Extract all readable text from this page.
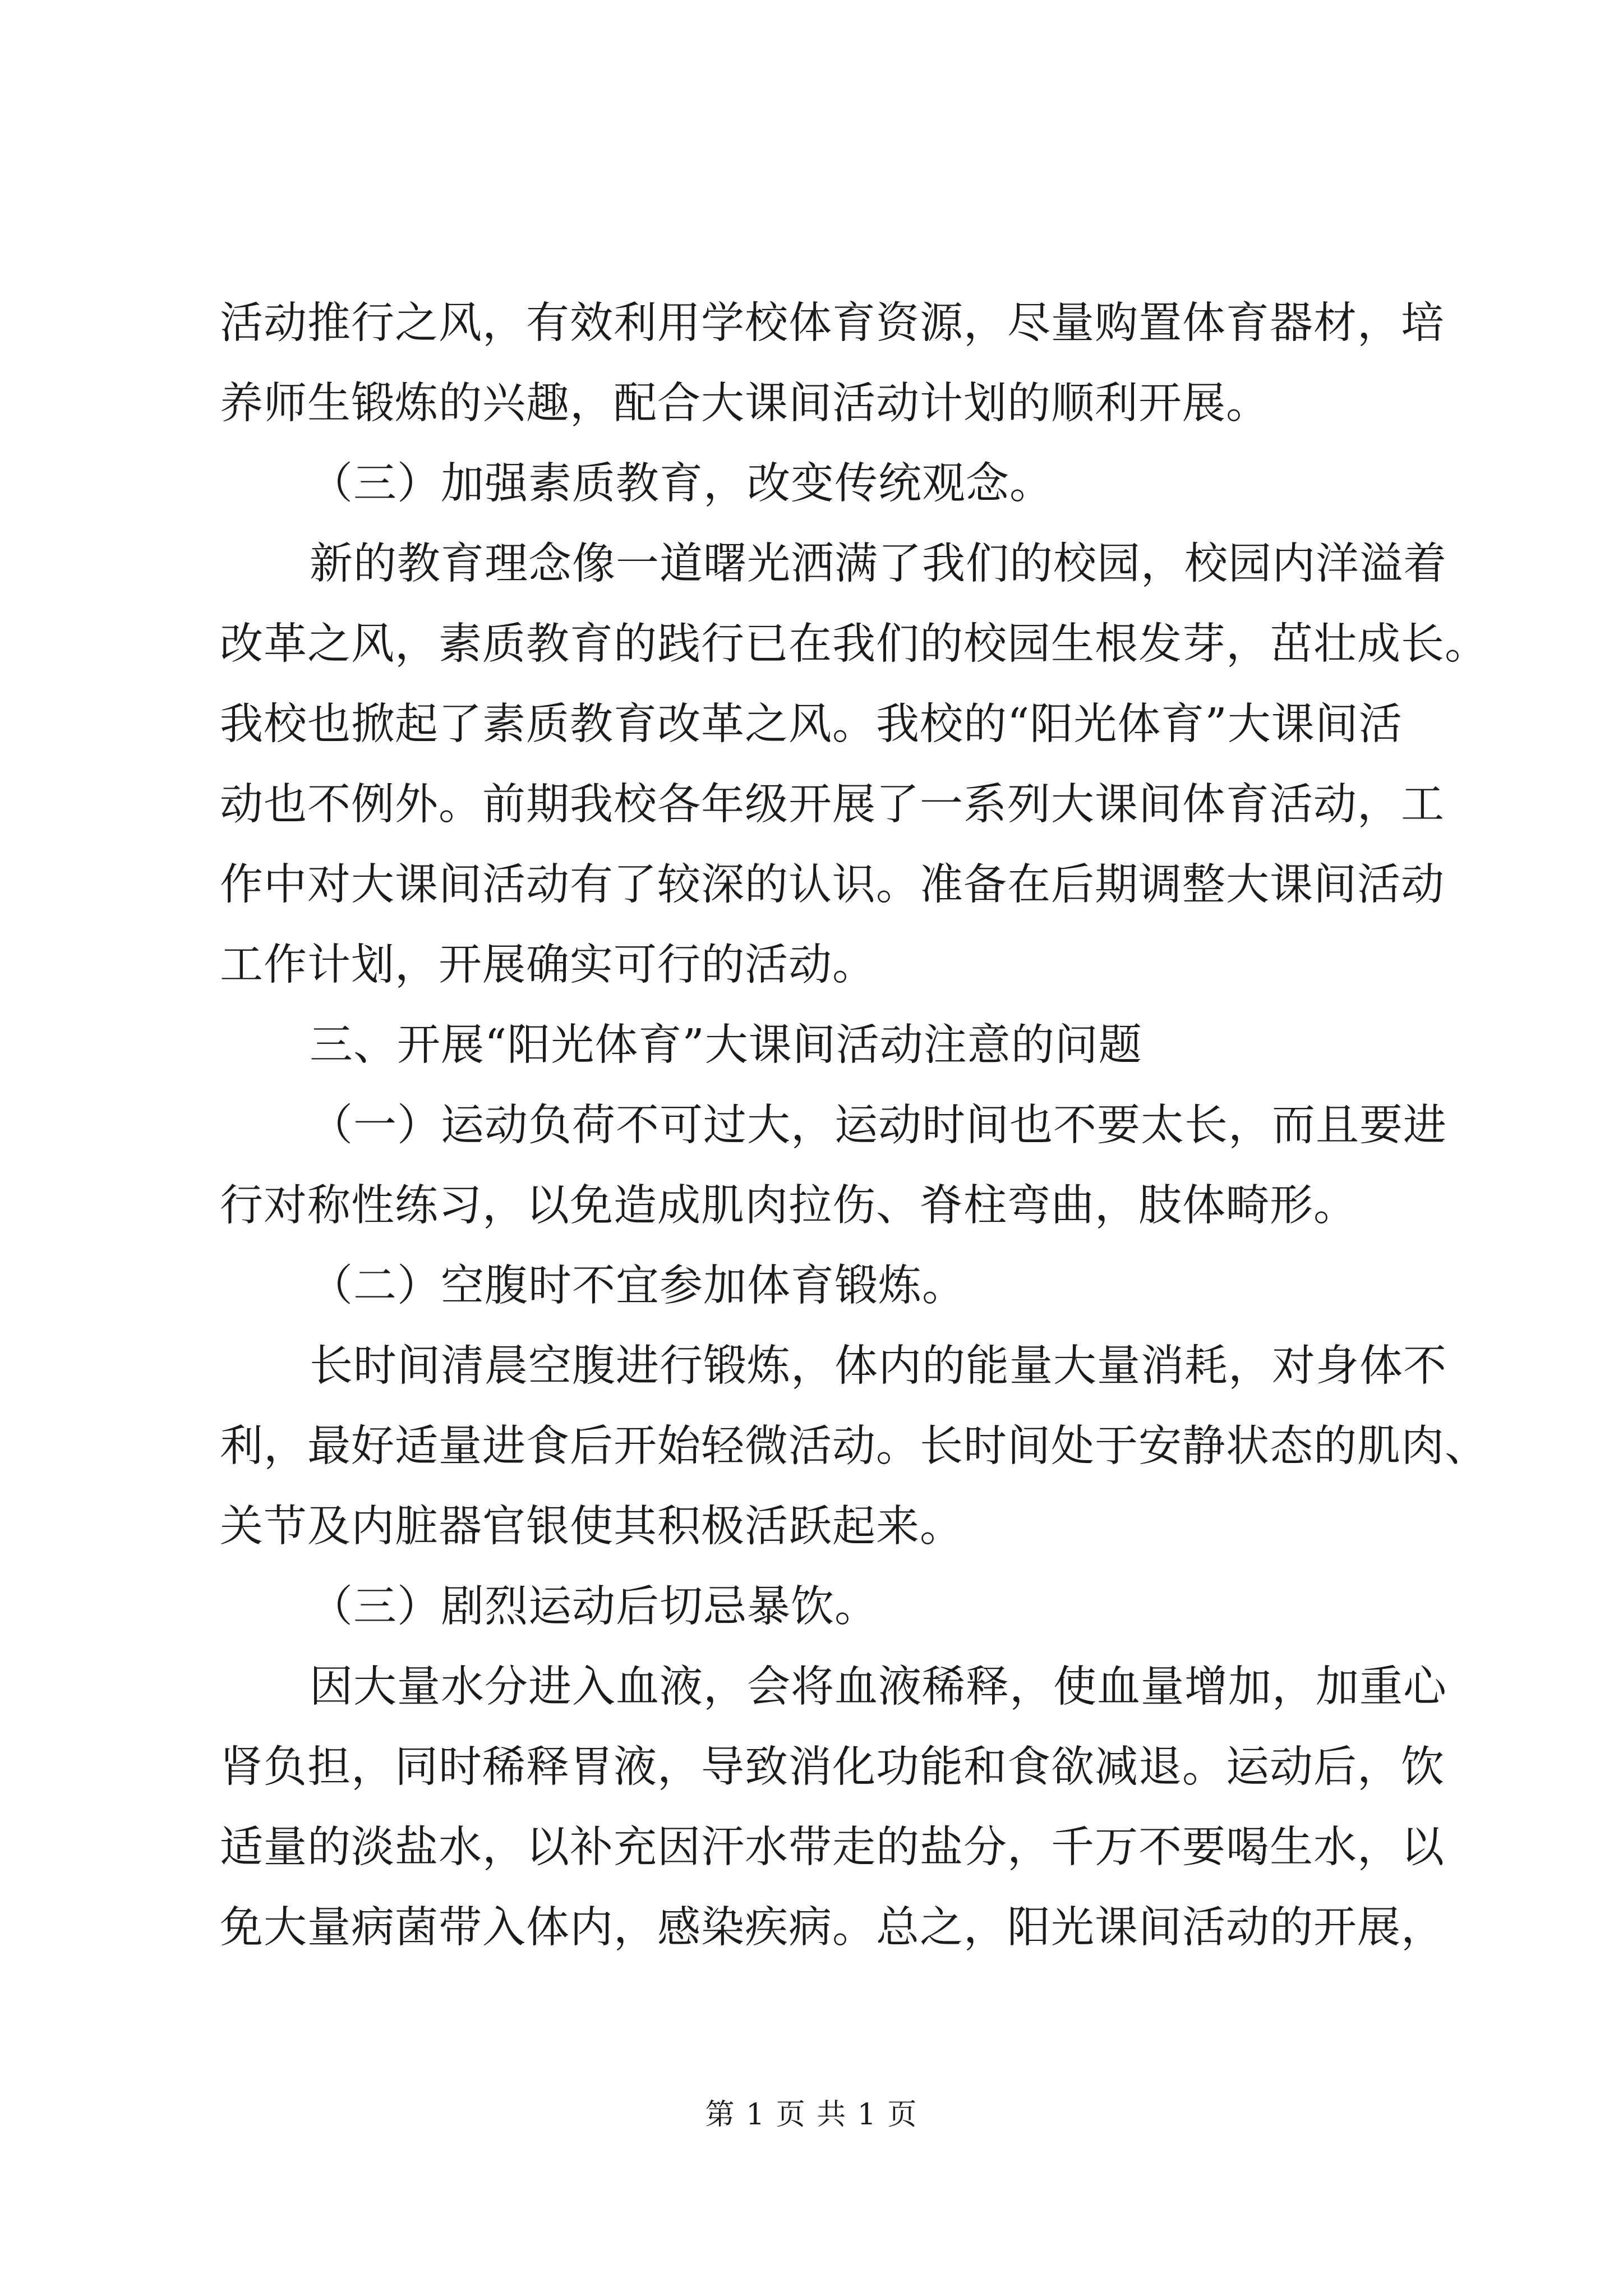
活动推行之风，有效利用学校体育资源，尽量购置体育器材，培
养师生锻炼的兴趣，配合大课间活动计划的顺利开展。
（三）加强素质教育，改变传统观念。
新的教育理念像一道曙光洒满了我们的校园，校园内洋溢着
改革之风，素质教育的践行已在我们的校园生根发芽，茁壮成长。
我校也掀起了素质教育改革之风。我校的“阳光体育”大课间活
动也不例外。前期我校各年级开展了一系列大课间体育活动，工
作中对大课间活动有了较深的认识。准备在后期调整大课间活动
工作计划，开展确实可行的活动。
三、开展“阳光体育”大课间活动注意的问题
（一）运动负荷不可过大，运动时间也不要太长，而且要进
行对称性练习，以免造成肌肉拉伤、脊柱弯曲，肢体畸形。
（二）空腹时不宜参加体育锻炼。
长时间清晨空腹进行锻炼，体内的能量大量消耗，对身体不
利，最好适量进食后开始轻微活动。长时间处于安静状态的肌肉、
关节及内脏器官银使其积极活跃起来。
（三）剧烈运动后切忌暴饮。
因大量水分进入血液，会将血液稀释，使血量增加，加重心
肾负担，同时稀释胃液，导致消化功能和食欲减退。运动后，饮
适量的淡盐水，以补充因汗水带走的盐分，千万不要喝生水，以
免大量病菌带入体内，感染疾病。总之，阳光课间活动的开展，
第 1 页 共 1 页
